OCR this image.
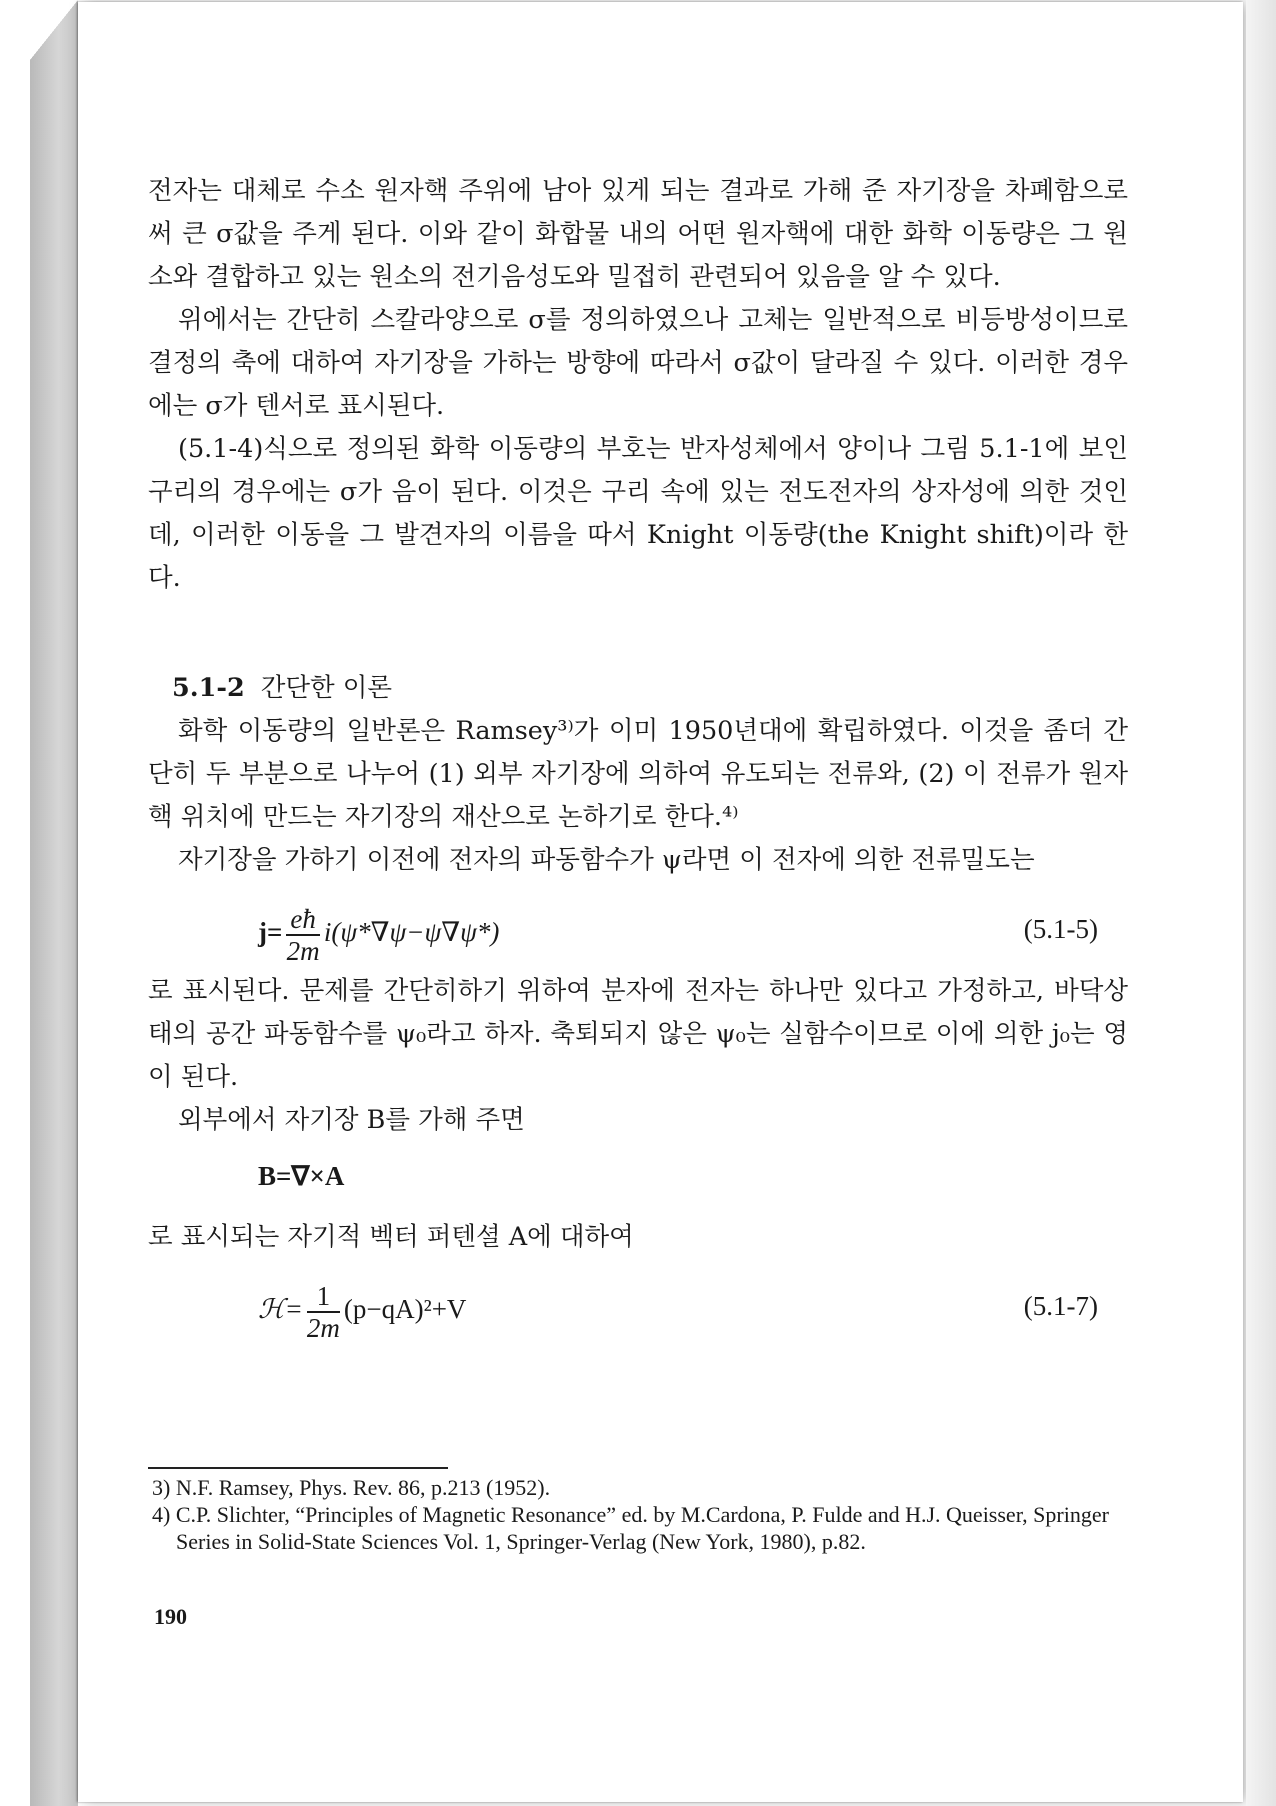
전자는 대체로 수소 원자핵 주위에 남아 있게 되는 결과로 가해 준 자기장을 차폐함으로써 큰 σ값을 주게 된다. 이와 같이 화합물 내의 어떤 원자핵에 대한 화학 이동량은 그 원소와 결합하고 있는 원소의 전기음성도와 밀접히 관련되어 있음을 알 수 있다.

위에서는 간단히 스칼라양으로 σ를 정의하였으나 고체는 일반적으로 비등방성이므로 결정의 축에 대하여 자기장을 가하는 방향에 따라서 σ값이 달라질 수 있다. 이러한 경우에는 σ가 텐서로 표시된다.

(5.1-4)식으로 정의된 화학 이동량의 부호는 반자성체에서 양이나 그림 5.1-1에 보인 구리의 경우에는 σ가 음이 된다. 이것은 구리 속에 있는 전도전자의 상자성에 의한 것인데, 이러한 이동을 그 발견자의 이름을 따서 Knight 이동량(the Knight shift)이라 한다.

5.1-2 간단한 이론

화학 이동량의 일반론은 Ramsey³⁾가 이미 1950년대에 확립하였다. 이것을 좀더 간단히 두 부분으로 나누어 (1) 외부 자기장에 의하여 유도되는 전류와, (2) 이 전류가 원자핵 위치에 만드는 자기장의 재산으로 논하기로 한다.⁴⁾

자기장을 가하기 이전에 전자의 파동함수가 ψ라면 이 전자에 의한 전류밀도는

$j= \frac{eħ}{2m} i(\psi*\nabla\psi-\psi\nabla\psi*)$	(5.1-5)

로 표시된다. 문제를 간단히하기 위하여 분자에 전자는 하나만 있다고 가정하고, 바닥상태의 공간 파동함수를 ψ₀라고 하자. 축퇴되지 않은 ψ₀는 실함수이므로 이에 의한 j₀는 영이 된다.

외부에서 자기장 B를 가해 주면

B=∇×A

로 표시되는 자기적 벡터 퍼텐셜 A에 대하여

ℋ= $\frac{1}{2m} (p-qA)^2+V$	(5.1-7)

3) N.F. Ramsey, Phys. Rev. 86, p.213 (1952).

4) C.P. Slichter, “Principles of Magnetic Resonance” ed. by M.Cardona, P. Fulde and H.J. Queisser, Springer Series in Solid-State Sciences Vol. 1, Springer-Verlag (New York, 1980), p.82.

190
